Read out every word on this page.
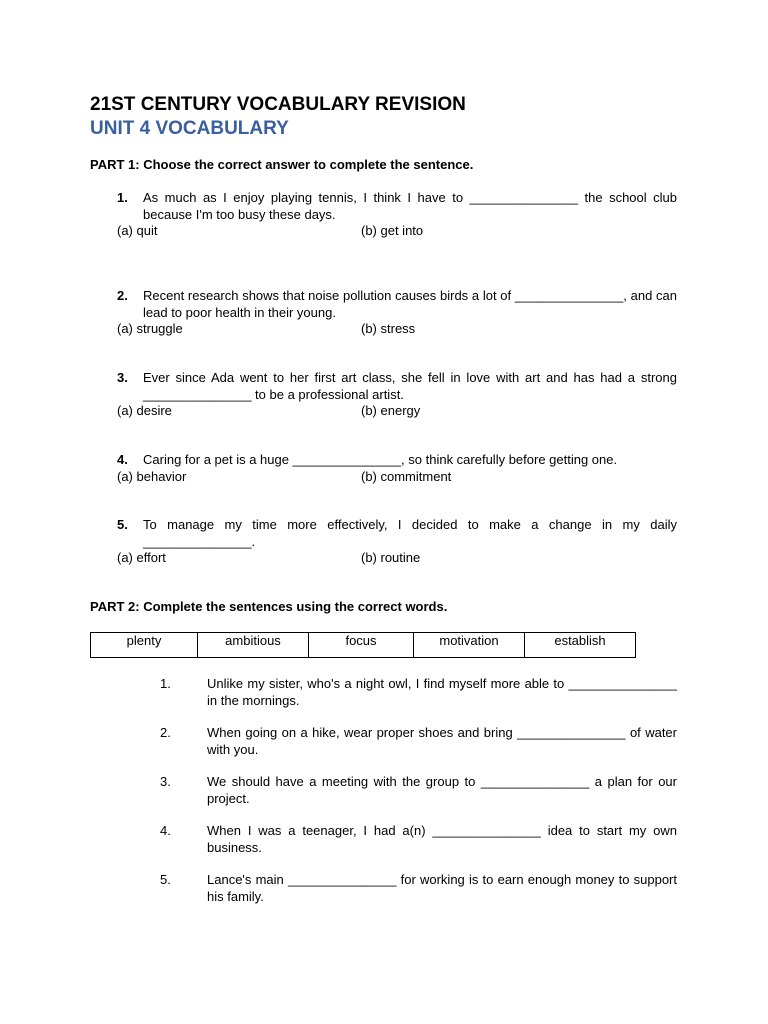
21ST CENTURY VOCABULARY REVISION
UNIT 4 VOCABULARY

PART 1: Choose the correct answer to complete the sentence.

1.	As much as I enjoy playing tennis, I think I have to _______________ the school club because I'm too busy these days.
(a) quit	(b) get into
2.	Recent research shows that noise pollution causes birds a lot of _______________, and can lead to poor health in their young.
(a) struggle	(b) stress
3.	Ever since Ada went to her first art class, she fell in love with art and has had a strong _______________ to be a professional artist.
(a) desire	(b) energy
4.	Caring for a pet is a huge _______________, so think carefully before getting one.
(a) behavior	(b) commitment
5.	To manage my time more effectively, I decided to make a change in my daily _______________.
(a) effort	(b) routine

PART 2: Complete the sentences using the correct words.

plenty	ambitious	focus	motivation	establish
1.	Unlike my sister, who's a night owl, I find myself more able to _______________ in the mornings.
2.	When going on a hike, wear proper shoes and bring _______________ of water with you.
3.	We should have a meeting with the group to _______________ a plan for our project.
4.	When I was a teenager, I had a(n) _______________ idea to start my own business.
5.	Lance's main _______________ for working is to earn enough money to support his family.
